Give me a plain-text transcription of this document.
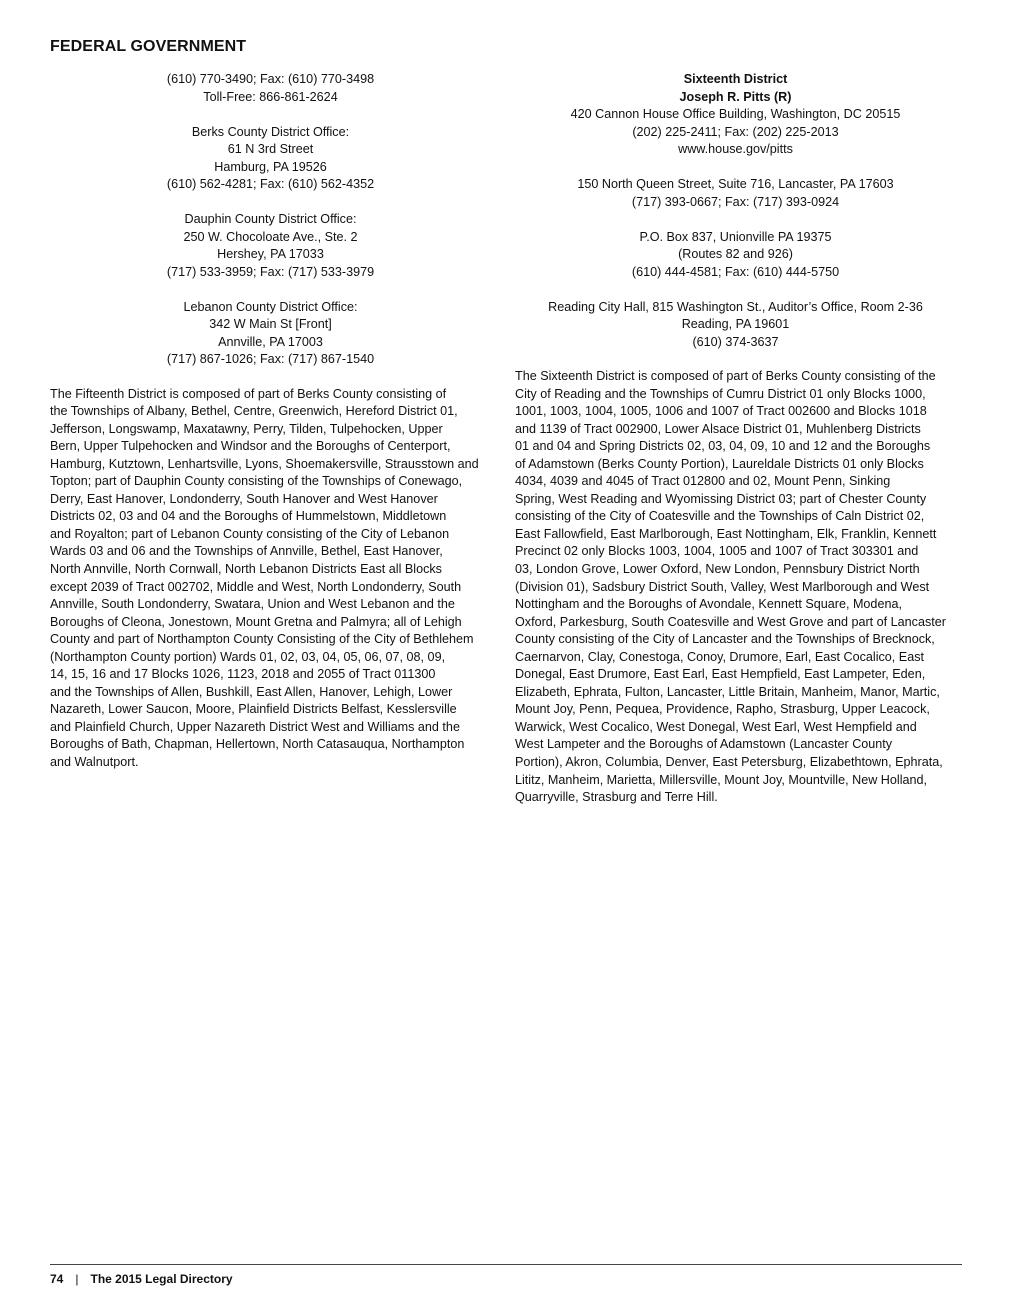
FEDERAL GOVERNMENT
(610) 770-3490; Fax: (610) 770-3498
Toll-Free: 866-861-2624
Berks County District Office:
61 N 3rd Street
Hamburg, PA 19526
(610) 562-4281; Fax: (610) 562-4352
Dauphin County District Office:
250 W. Chocoloate Ave., Ste. 2
Hershey, PA 17033
(717) 533-3959; Fax: (717) 533-3979
Lebanon County District Office:
342 W Main St [Front]
Annville, PA 17003
(717) 867-1026; Fax: (717) 867-1540
The Fifteenth District is composed of part of Berks County consisting of
the Townships of Albany, Bethel, Centre, Greenwich, Hereford District 01,
Jefferson, Longswamp, Maxatawny, Perry, Tilden, Tulpehocken, Upper
Bern, Upper Tulpehocken and Windsor and the Boroughs of Centerport,
Hamburg, Kutztown, Lenhartsville, Lyons, Shoemakersville, Strausstown and
Topton; part of Dauphin County consisting of the Townships of Conewago,
Derry, East Hanover, Londonderry, South Hanover and West Hanover
Districts 02, 03 and 04 and the Boroughs of Hummelstown, Middletown
and Royalton; part of Lebanon County consisting of the City of Lebanon
Wards 03 and 06 and the Townships of Annville, Bethel, East Hanover,
North Annville, North Cornwall, North Lebanon Districts East all Blocks
except 2039 of Tract 002702, Middle and West, North Londonderry, South
Annville, South Londonderry, Swatara, Union and West Lebanon and the
Boroughs of Cleona, Jonestown, Mount Gretna and Palmyra; all of Lehigh
County and part of Northampton County Consisting of the City of Bethlehem
(Northampton County portion) Wards 01, 02, 03, 04, 05, 06, 07, 08, 09,
14, 15, 16 and 17 Blocks 1026, 1123, 2018 and 2055 of Tract 011300
and the Townships of Allen, Bushkill, East Allen, Hanover, Lehigh, Lower
Nazareth, Lower Saucon, Moore, Plainfield Districts Belfast, Kesslersville
and Plainfield Church, Upper Nazareth District West and Williams and the
Boroughs of Bath, Chapman, Hellertown, North Catasauqua, Northampton
and Walnutport.
Sixteenth District
Joseph R. Pitts (R)
420 Cannon House Office Building, Washington, DC 20515
(202) 225-2411; Fax: (202) 225-2013
www.house.gov/pitts
150 North Queen Street, Suite 716, Lancaster, PA 17603
(717) 393-0667; Fax: (717) 393-0924
P.O. Box 837, Unionville PA 19375
(Routes 82 and 926)
(610) 444-4581; Fax: (610) 444-5750
Reading City Hall, 815 Washington St., Auditor’s Office, Room 2-36
Reading, PA 19601
(610) 374-3637
The Sixteenth District is composed of part of Berks County consisting of the
City of Reading and the Townships of Cumru District 01 only Blocks 1000,
1001, 1003, 1004, 1005, 1006 and 1007 of Tract 002600 and Blocks 1018
and 1139 of Tract 002900, Lower Alsace District 01, Muhlenberg Districts
01 and 04 and Spring Districts 02, 03, 04, 09, 10 and 12 and the Boroughs
of Adamstown (Berks County Portion), Laureldale Districts 01 only Blocks
4034, 4039 and 4045 of Tract 012800 and 02, Mount Penn, Sinking
Spring, West Reading and Wyomissing District 03; part of Chester County
consisting of the City of Coatesville and the Townships of Caln District 02,
East Fallowfield, East Marlborough, East Nottingham, Elk, Franklin, Kennett
Precinct 02 only Blocks 1003, 1004, 1005 and 1007 of Tract 303301 and
03, London Grove, Lower Oxford, New London, Pennsbury District North
(Division 01), Sadsbury District South, Valley, West Marlborough and West
Nottingham and the Boroughs of Avondale, Kennett Square, Modena,
Oxford, Parkesburg, South Coatesville and West Grove and part of Lancaster
County consisting of the City of Lancaster and the Townships of Brecknock,
Caernarvon, Clay, Conestoga, Conoy, Drumore, Earl, East Cocalico, East
Donegal, East Drumore, East Earl, East Hempfield, East Lampeter, Eden,
Elizabeth, Ephrata, Fulton, Lancaster, Little Britain, Manheim, Manor, Martic,
Mount Joy, Penn, Pequea, Providence, Rapho, Strasburg, Upper Leacock,
Warwick, West Cocalico, West Donegal, West Earl, West Hempfield and
West Lampeter and the Boroughs of Adamstown (Lancaster County
Portion), Akron, Columbia, Denver, East Petersburg, Elizabethtown, Ephrata,
Lititz, Manheim, Marietta, Millersville, Mount Joy, Mountville, New Holland,
Quarryville, Strasburg and Terre Hill.
74 | The 2015 Legal Directory
